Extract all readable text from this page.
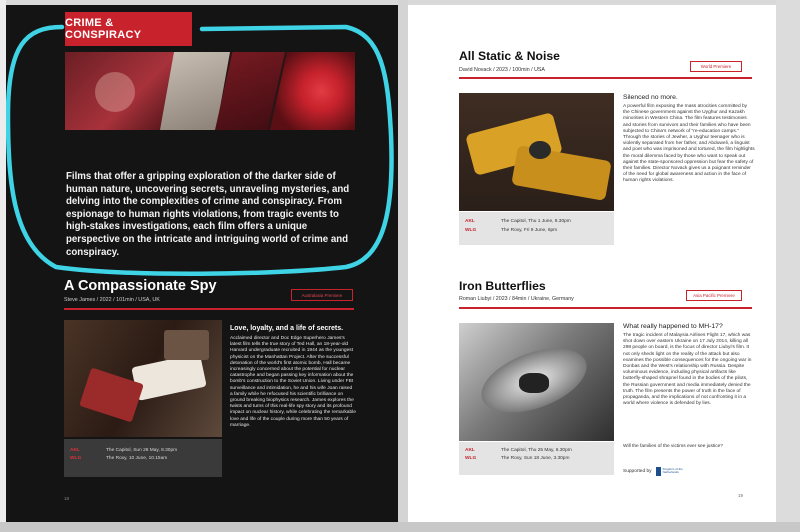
CRIME & CONSPIRACY
Films that offer a gripping exploration of the darker side of human nature, uncovering secrets, unraveling mysteries, and delving into the complexities of crime and conspiracy. From espionage to human rights violations, from tragic events to high-stakes investigations, each film offers a unique perspective on the intricate and intriguing world of crime and conspiracy.
A Compassionate Spy
Steve James / 2022 / 101min / USA, UK
Australasia Premiere
AKL	The Capitol, Sun 28 May, 8.30pm
WLG	The Roxy, 10 June, 10.15am
Love, loyalty, and a life of secrets.
Acclaimed director and Doc Edge Superhero James's latest film tells the true story of Ted Hall, an 18-year-old Harvard undergraduate recruited in 1944 as the youngest physicist on the Manhattan Project. After the successful detonation of the world's first atomic bomb, Hall became increasingly concerned about the potential for nuclear catastrophe and began passing key information about the bomb's construction to the Soviet Union. Living under FBI surveillance and intimidation, he and his wife Joan raised a family while he refocused his scientific brilliance on ground breaking biophysics research. James explores the twists and turns of this real-life spy story and its profound impact on nuclear history, while celebrating the remarkable love and life of the couple during more than 50 years of marriage.
18
All Static & Noise
David Novack / 2023 / 100min / USA
World Premiere
AKL	The Capitol, Thu 1 June, 8.30pm
WLG	The Roxy, Fri 9 June, 6pm
Silenced no more.
A powerful film exposing the mass atrocities committed by the Chinese government against the Uyghur and Kazakh minorities in Western China. The film features testimonies and stories from survivors and their families who have been subjected to China's network of "re-education camps." Through the stories of Jewher, a Uyghur teenager who is violently separated from her father, and Abduweli, a linguist and poet who was imprisoned and tortured, the film highlights the moral dilemma faced by those who want to speak out against the state-sponsored oppression but fear the safety of their families. Director Novack gives us a poignant reminder of the need for global awareness and action in the face of human rights violations.
Iron Butterflies
Roman Liubyi / 2023 / 84min / Ukraine, Germany
Asia Pacific Premiere
AKL	The Capitol, Thu 25 May, 6.30pm
WLG	The Roxy, Sun 18 June, 3.30pm
What really happened to MH-17?
The tragic incident of Malaysia Airlines Flight 17, which was shot down over eastern Ukraine on 17 July 2014, killing all 298 people on board, is the focus of director Liubyi's film. It not only sheds light on the reality of the attack but also examines the possible consequences for the ongoing war in Donbas and the West's relationship with Russia. Despite voluminous evidence, including physical artifacts like butterfly-shaped shrapnel found in the bodies of the pilots, the Russian government and media immediately denied the truth. The film presents the power of truth in the face of propaganda, and the implications of not confronting it in a world where violence is defended by lies.
Will the families of the victims ever see justice?
Supported by
Kingdom of the Netherlands
19
